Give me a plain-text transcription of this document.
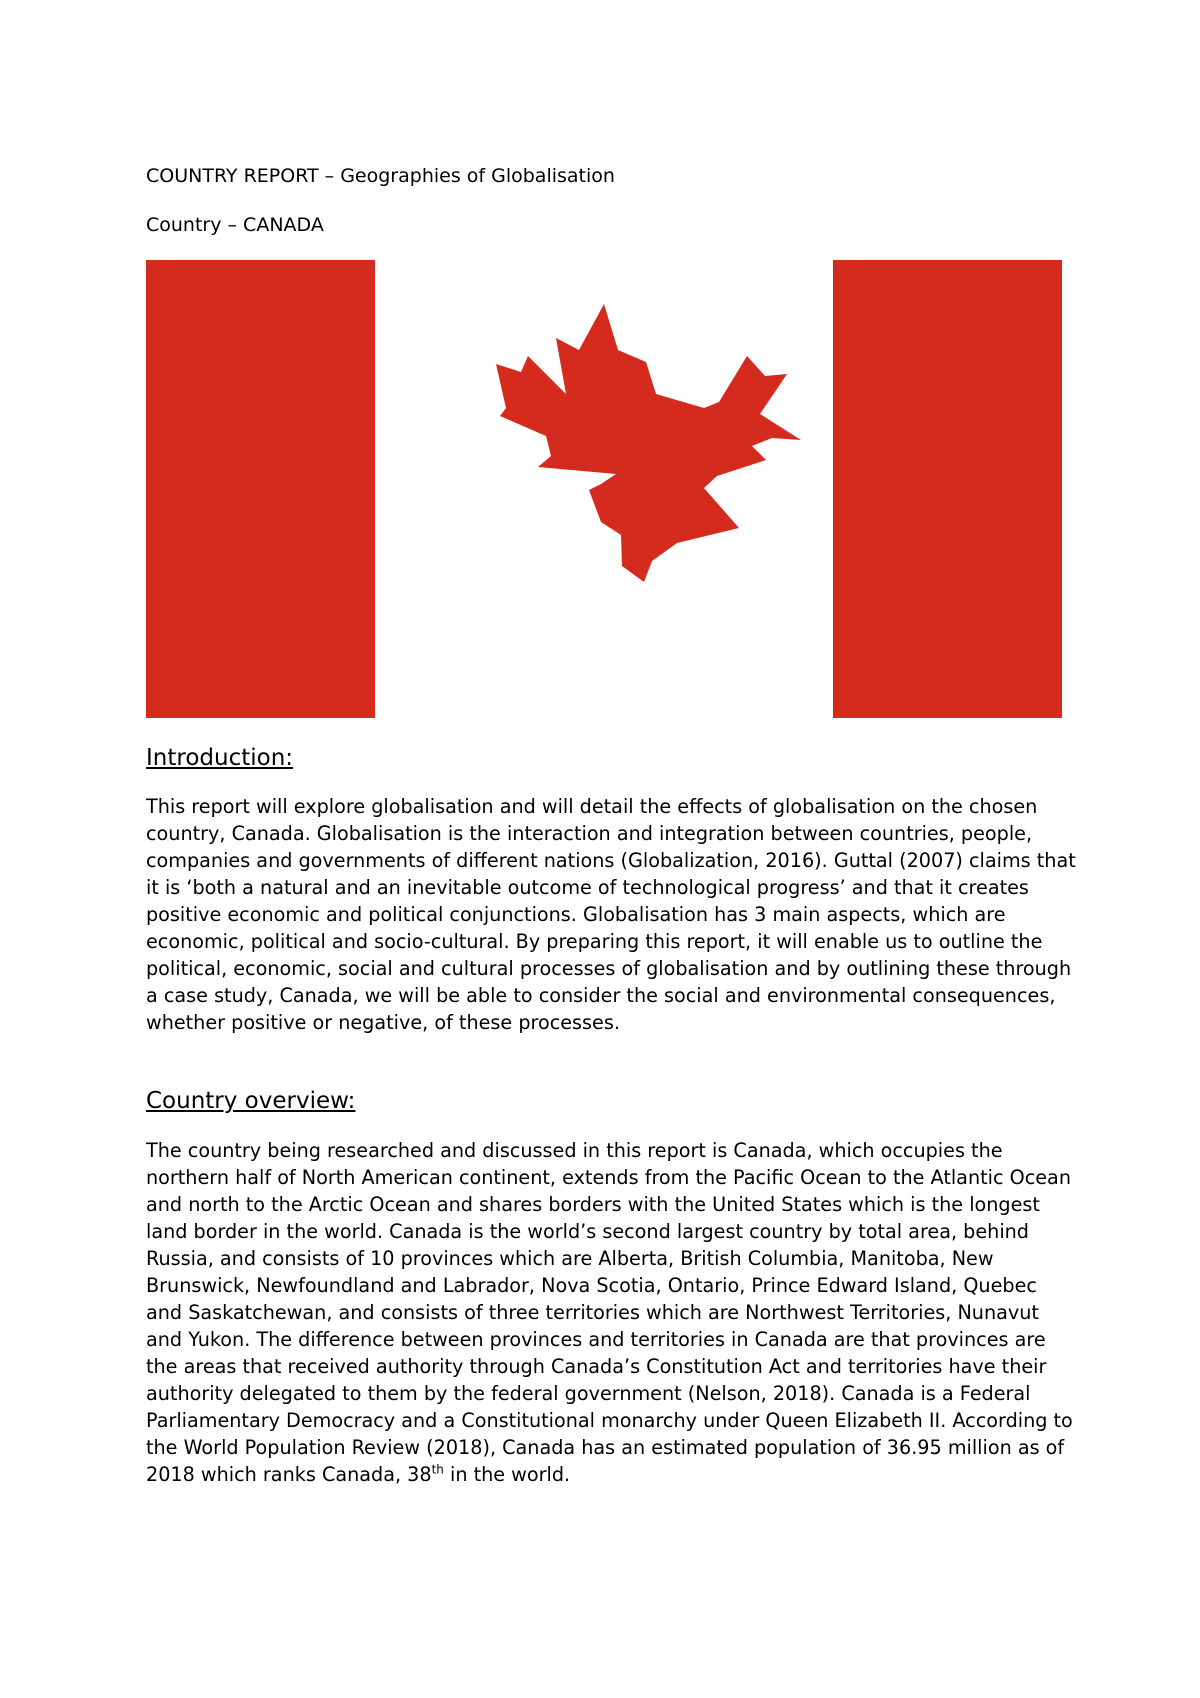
COUNTRY REPORT – Geographies of Globalisation
Country – CANADA
Introduction:
This report will explore globalisation and will detail the effects of globalisation on the chosen country, Canada. Globalisation is the interaction and integration between countries, people, companies and governments of different nations (Globalization, 2016). Guttal (2007) claims that it is ‘both a natural and an inevitable outcome of technological progress’ and that it creates positive economic and political conjunctions. Globalisation has 3 main aspects, which are economic, political and socio-cultural. By preparing this report, it will enable us to outline the political, economic, social and cultural processes of globalisation and by outlining these through a case study, Canada, we will be able to consider the social and environmental consequences, whether positive or negative, of these processes.
Country overview:
The country being researched and discussed in this report is Canada, which occupies the northern half of North American continent, extends from the Pacific Ocean to the Atlantic Ocean and north to the Arctic Ocean and shares borders with the United States which is the longest land border in the world. Canada is the world’s second largest country by total area, behind Russia, and consists of 10 provinces which are Alberta, British Columbia, Manitoba, New Brunswick, Newfoundland and Labrador, Nova Scotia, Ontario, Prince Edward Island, Quebec and Saskatchewan, and consists of three territories which are Northwest Territories, Nunavut and Yukon. The difference between provinces and territories in Canada are that provinces are the areas that received authority through Canada’s Constitution Act and territories have their authority delegated to them by the federal government (Nelson, 2018). Canada is a Federal Parliamentary Democracy and a Constitutional monarchy under Queen Elizabeth II. According to the World Population Review (2018), Canada has an estimated population of 36.95 million as of 2018 which ranks Canada, 38th in the world.
